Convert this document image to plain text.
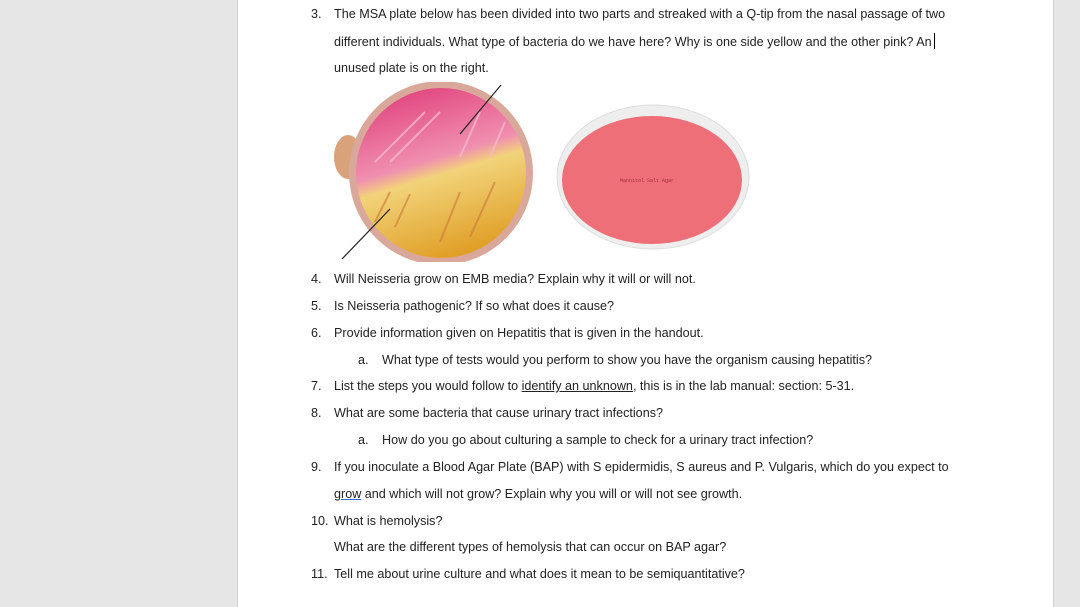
3. The MSA plate below has been divided into two parts and streaked with a Q-tip from the nasal passage of two
different individuals. What type of bacteria do we have here? Why is one side yellow and the other pink? An
unused plate is on the right.
Mannitol Salt Agar
4. Will Neisseria grow on EMB media? Explain why it will or will not.
5. Is Neisseria pathogenic? If so what does it cause?
6. Provide information given on Hepatitis that is given in the handout.
a. What type of tests would you perform to show you have the organism causing hepatitis?
7. List the steps you would follow to identify an unknown, this is in the lab manual: section: 5-31.
8. What are some bacteria that cause urinary tract infections?
a. How do you go about culturing a sample to check for a urinary tract infection?
9. If you inoculate a Blood Agar Plate (BAP) with S epidermidis, S aureus and P. Vulgaris, which do you expect to
grow and which will not grow? Explain why you will or will not see growth.
10. What is hemolysis?
What are the different types of hemolysis that can occur on BAP agar?
11. Tell me about urine culture and what does it mean to be semiquantitative?
